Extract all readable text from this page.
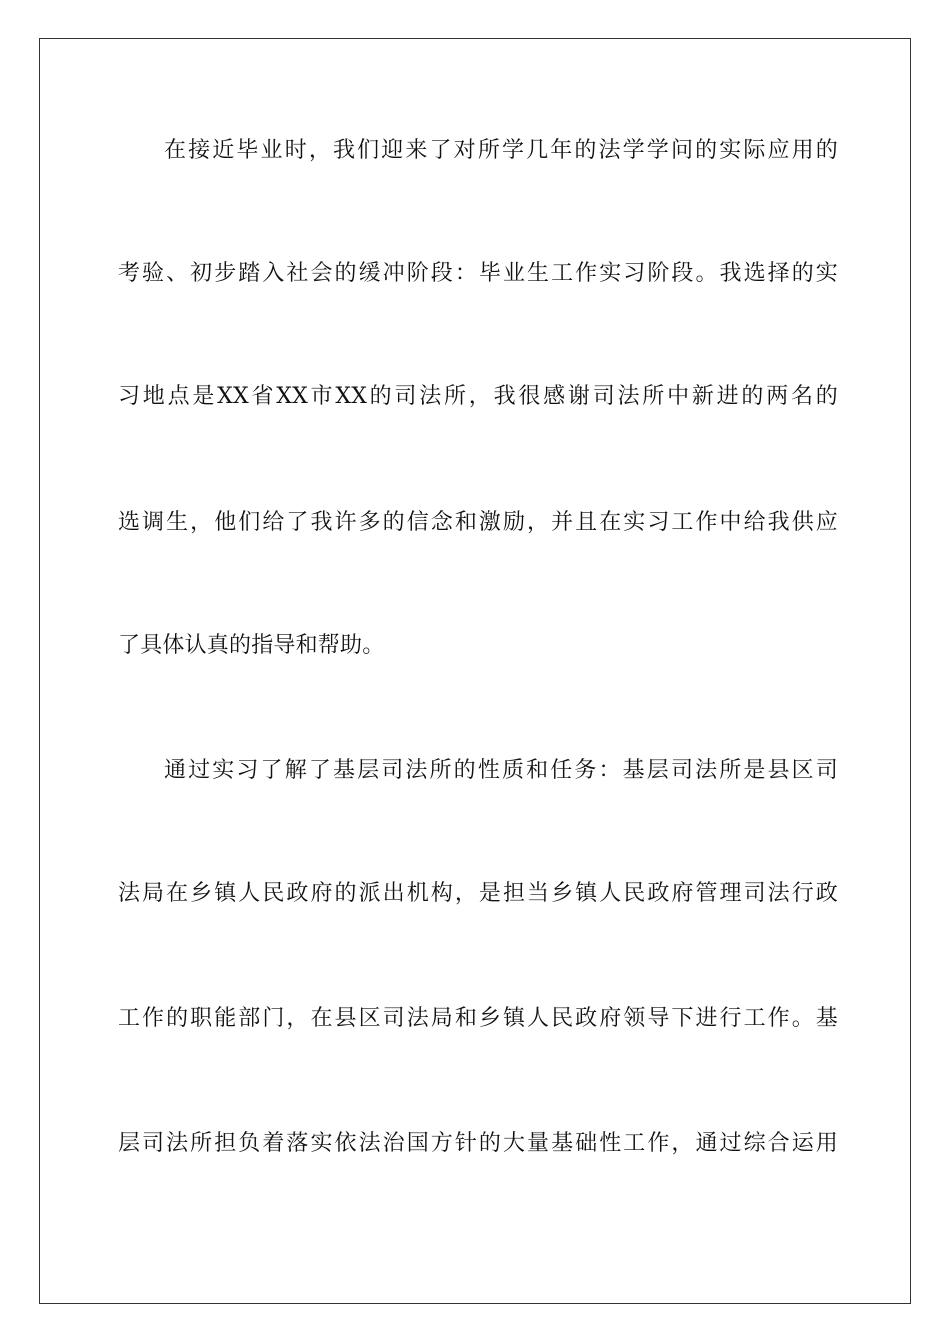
在接近毕业时，我们迎来了对所学几年的法学学问的实际应用的
考验、初步踏入社会的缓冲阶段：毕业生工作实习阶段。我选择的实
习地点是XX省XX市XX的司法所，我很感谢司法所中新进的两名的
选调生，他们给了我许多的信念和激励，并且在实习工作中给我供应
了具体认真的指导和帮助。
通过实习了解了基层司法所的性质和任务：基层司法所是县区司
法局在乡镇人民政府的派出机构，是担当乡镇人民政府管理司法行政
工作的职能部门，在县区司法局和乡镇人民政府领导下进行工作。基
层司法所担负着落实依法治国方针的大量基础性工作，通过综合运用
